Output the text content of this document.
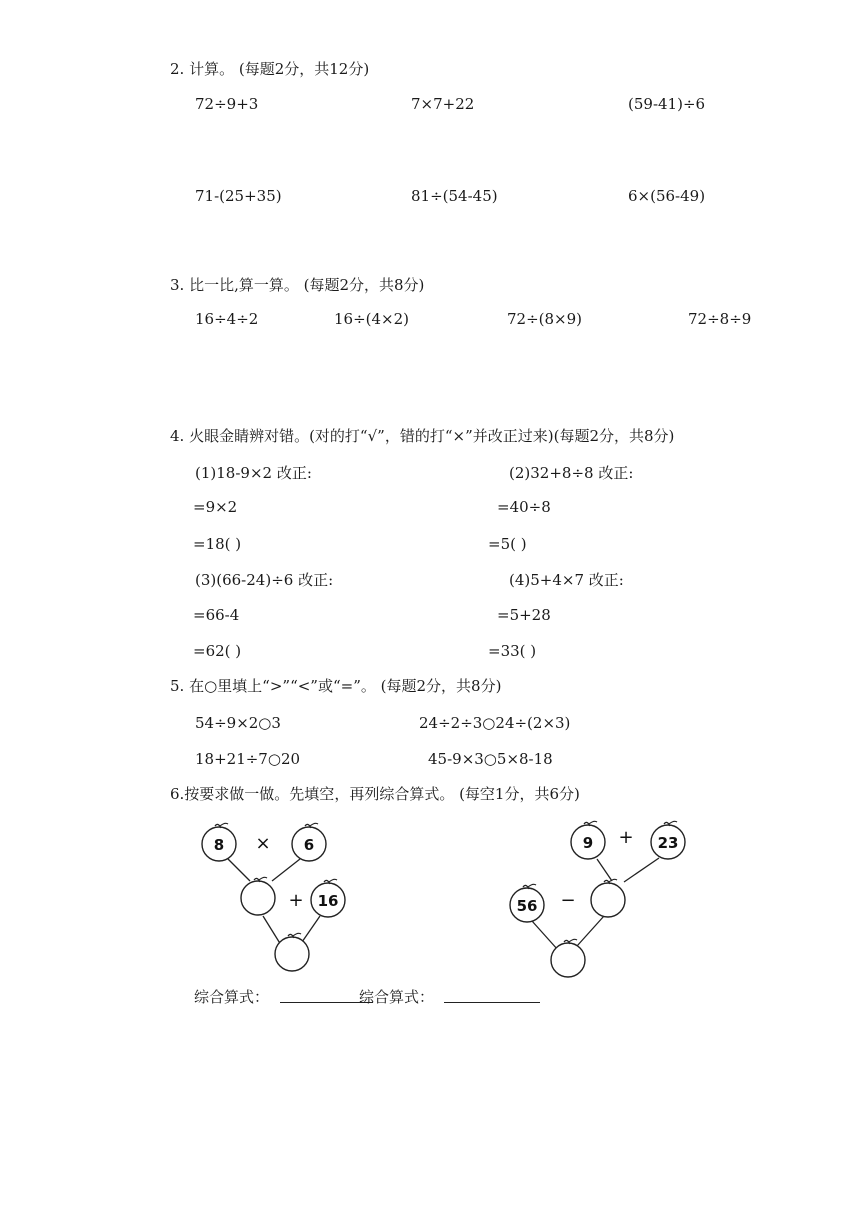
2. 计算。 (每题2分，共12分)
72÷9+3	7×7+22	(59-41)÷6
71-(25+35)	81÷(54-45)	6×(56-49)
3. 比一比,算一算。 (每题2分，共8分)
16÷4÷2	16÷(4×2)	72÷(8×9)	72÷8÷9
4. 火眼金睛辨对错。(对的打“√”，错的打“×”并改正过来)(每题2分，共8分)
(1)18-9×2 改正:	(2)32+8÷8 改正:
=9×2	=40÷8
=18( )	=5( )
(3)(66-24)÷6 改正:	(4)5+4×7 改正:
=66-4	=5+28
=62( )	=33( )
5. 在○里填上“>”“<”或“=”。 (每题2分，共8分)
54÷9×2○3	24÷2÷3○24÷(2×3)
18+21÷7○20	45-9×3○5×8-18
6.按要求做一做。先填空，再列综合算式。 (每空1分，共6分)
8	6
16
×
+
9	23
56
+
−
综合算式：	综合算式：
